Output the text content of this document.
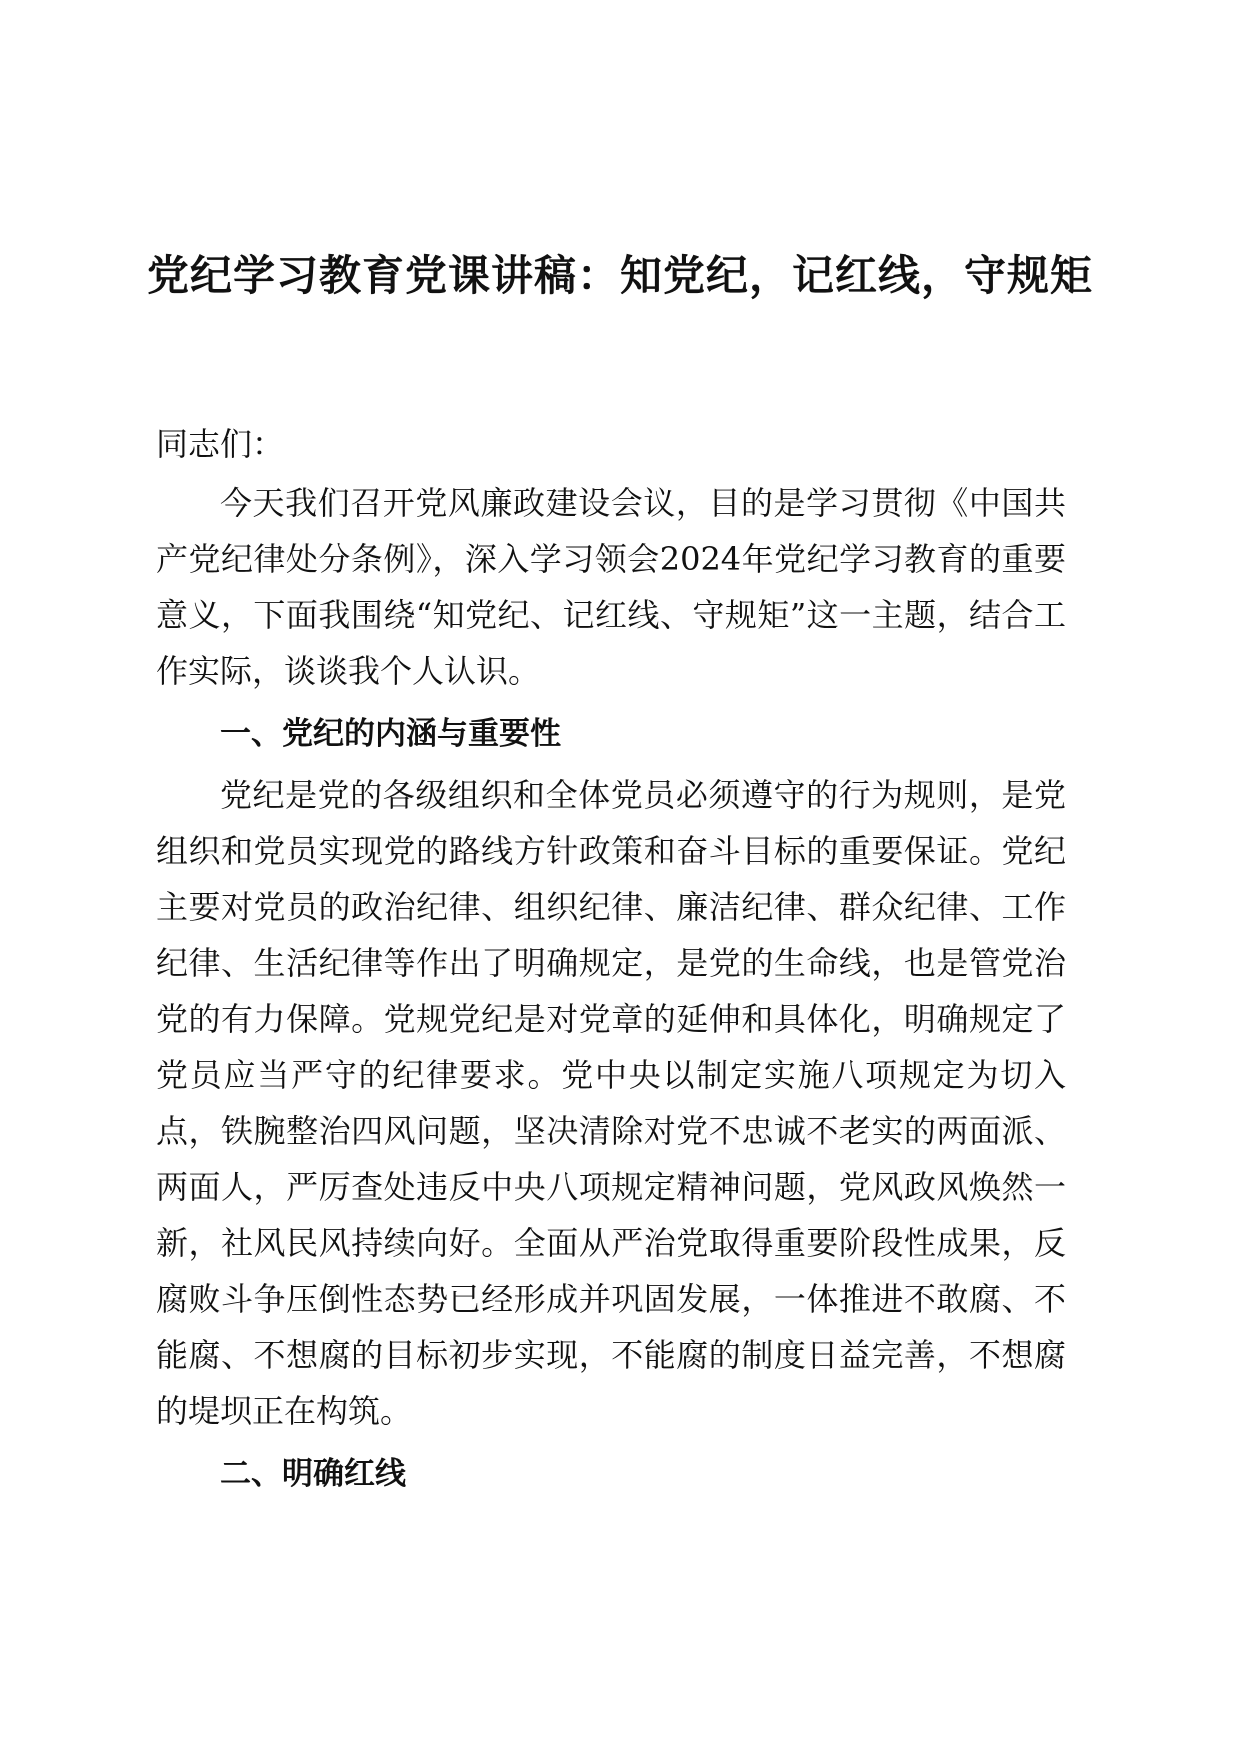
党纪学习教育党课讲稿：知党纪，记红线，守规矩

同志们：

今天我们召开党风廉政建设会议，目的是学习贯彻《中国共产党纪律处分条例》，深入学习领会2024年党纪学习教育的重要意义，下面我围绕“知党纪、记红线、守规矩”这一主题，结合工作实际，谈谈我个人认识。

一、党纪的内涵与重要性

党纪是党的各级组织和全体党员必须遵守的行为规则，是党组织和党员实现党的路线方针政策和奋斗目标的重要保证。党纪主要对党员的政治纪律、组织纪律、廉洁纪律、群众纪律、工作纪律、生活纪律等作出了明确规定，是党的生命线，也是管党治党的有力保障。党规党纪是对党章的延伸和具体化，明确规定了党员应当严守的纪律要求。党中央以制定实施八项规定为切入点，铁腕整治四风问题，坚决清除对党不忠诚不老实的两面派、两面人，严厉查处违反中央八项规定精神问题，党风政风焕然一新，社风民风持续向好。全面从严治党取得重要阶段性成果，反腐败斗争压倒性态势已经形成并巩固发展，一体推进不敢腐、不能腐、不想腐的目标初步实现，不能腐的制度日益完善，不想腐的堤坝正在构筑。

二、明确红线
